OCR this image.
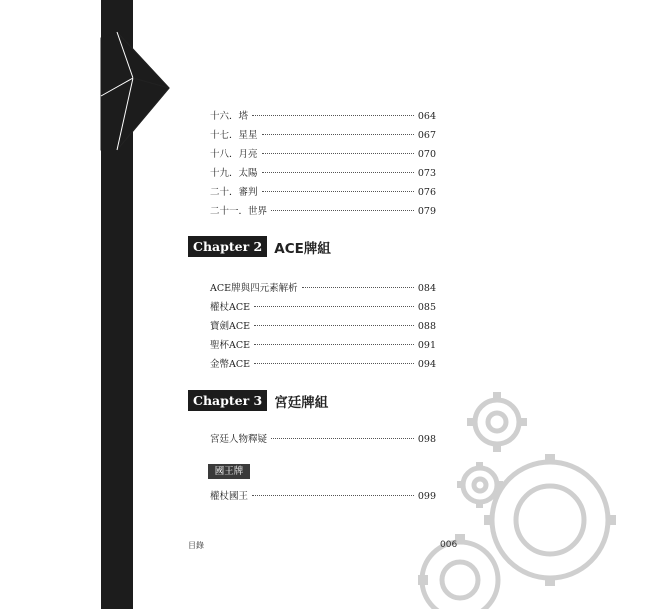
十六．塔	064
十七．星星	067
十八．月亮	070
十九．太陽	073
二十．審判	076
二十一．世界	079
Chapter 2 ACE牌組
ACE牌與四元素解析	084
權杖ACE	085
寶劍ACE	088
聖杯ACE	091
金幣ACE	094
Chapter 3 宮廷牌組
宮廷人物釋疑	098
國王牌
權杖國王	099
目錄	006
